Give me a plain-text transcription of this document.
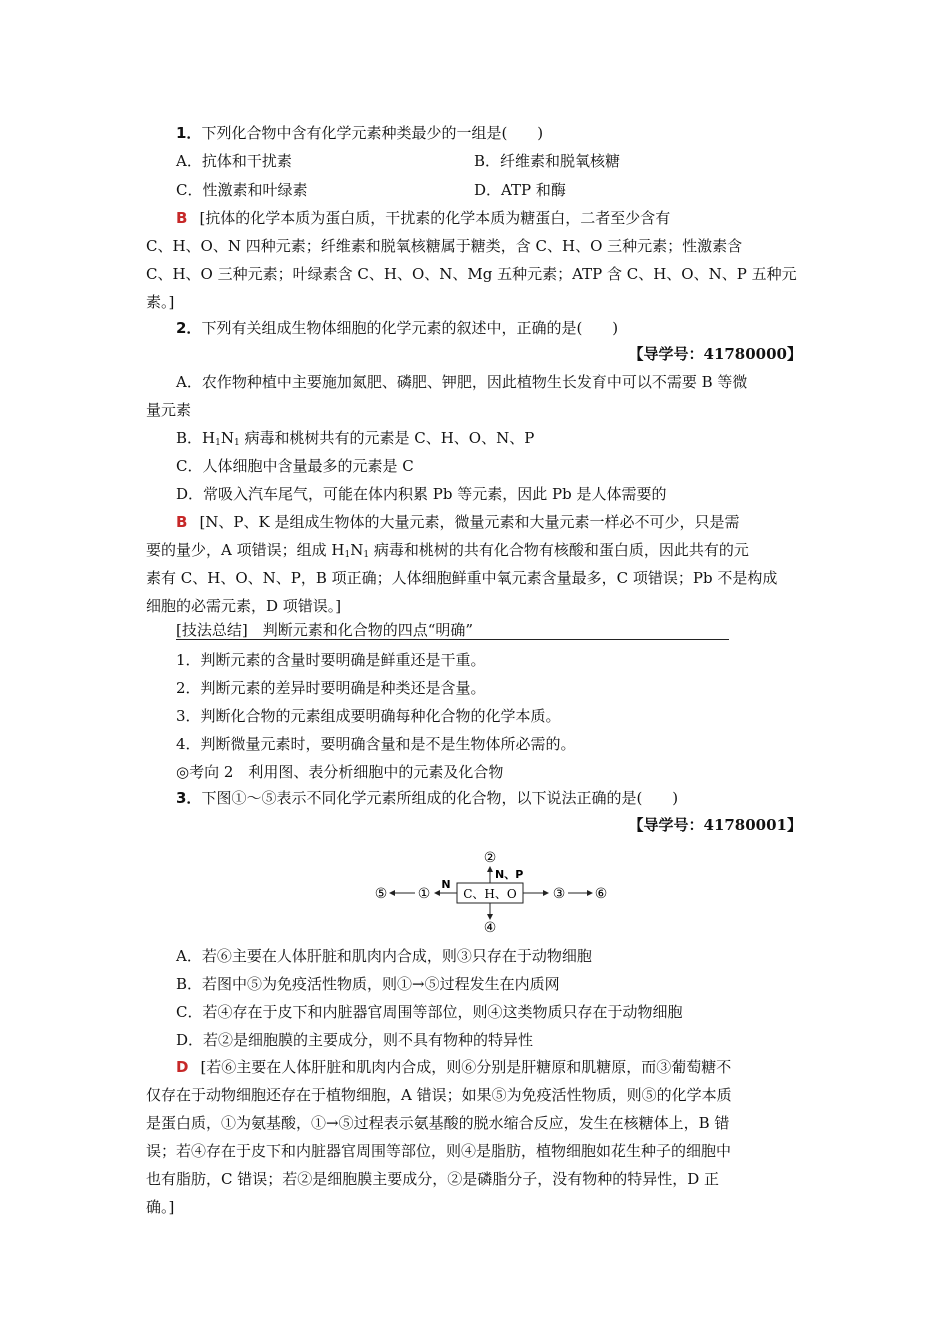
1．下列化合物中含有化学元素种类最少的一组是(　　)
A．抗体和干扰素	B．纤维素和脱氧核糖
C．性激素和叶绿素	D．ATP 和酶
B [抗体的化学本质为蛋白质，干扰素的化学本质为糖蛋白，二者至少含有
C、H、O、N 四种元素；纤维素和脱氧核糖属于糖类，含 C、H、O 三种元素；性激素含
C、H、O 三种元素；叶绿素含 C、H、O、N、Mg 五种元素；ATP 含 C、H、O、N、P 五种元
素。]
2．下列有关组成生物体细胞的化学元素的叙述中，正确的是(　　)
【导学号：41780000】
A．农作物种植中主要施加氮肥、磷肥、钾肥，因此植物生长发育中可以不需要 B 等微
量元素
B．$H_1N_1$ 病毒和桃树共有的元素是 C、H、O、N、P
C．人体细胞中含量最多的元素是 C
D．常吸入汽车尾气，可能在体内积累 Pb 等元素，因此 Pb 是人体需要的
B [N、P、K 是组成生物体的大量元素，微量元素和大量元素一样必不可少，只是需
要的量少，A 项错误；组成 $H_1N_1$ 病毒和桃树的共有化合物有核酸和蛋白质，因此共有的元
素有 C、H、O、N、P，B 项正确；人体细胞鲜重中氧元素含量最多，C 项错误；Pb 不是构成
细胞的必需元素，D 项错误。]
[技法总结]　判断元素和化合物的四点“明确”
1．判断元素的含量时要明确是鲜重还是干重。
2．判断元素的差异时要明确是种类还是含量。
3．判断化合物的元素组成要明确每种化合物的化学本质。
4．判断微量元素时，要明确含量和是不是生物体所必需的。
◎考向 2　利用图、表分析细胞中的元素及化合物
3．下图①～⑤表示不同化学元素所组成的化合物，以下说法正确的是(　　)
【导学号：41780001】
C、H、O
N
①
⑤	③ ⑥
②
N、P
④
A．若⑥主要在人体肝脏和肌肉内合成，则③只存在于动物细胞
B．若图中⑤为免疫活性物质，则①→⑤过程发生在内质网
C．若④存在于皮下和内脏器官周围等部位，则④这类物质只存在于动物细胞
D．若②是细胞膜的主要成分，则不具有物种的特异性
D [若⑥主要在人体肝脏和肌肉内合成，则⑥分别是肝糖原和肌糖原，而③葡萄糖不
仅存在于动物细胞还存在于植物细胞，A 错误；如果⑤为免疫活性物质，则⑤的化学本质
是蛋白质，①为氨基酸，①→⑤过程表示氨基酸的脱水缩合反应，发生在核糖体上，B 错
误；若④存在于皮下和内脏器官周围等部位，则④是脂肪，植物细胞如花生种子的细胞中
也有脂肪，C 错误；若②是细胞膜主要成分，②是磷脂分子，没有物种的特异性，D 正
确。]
